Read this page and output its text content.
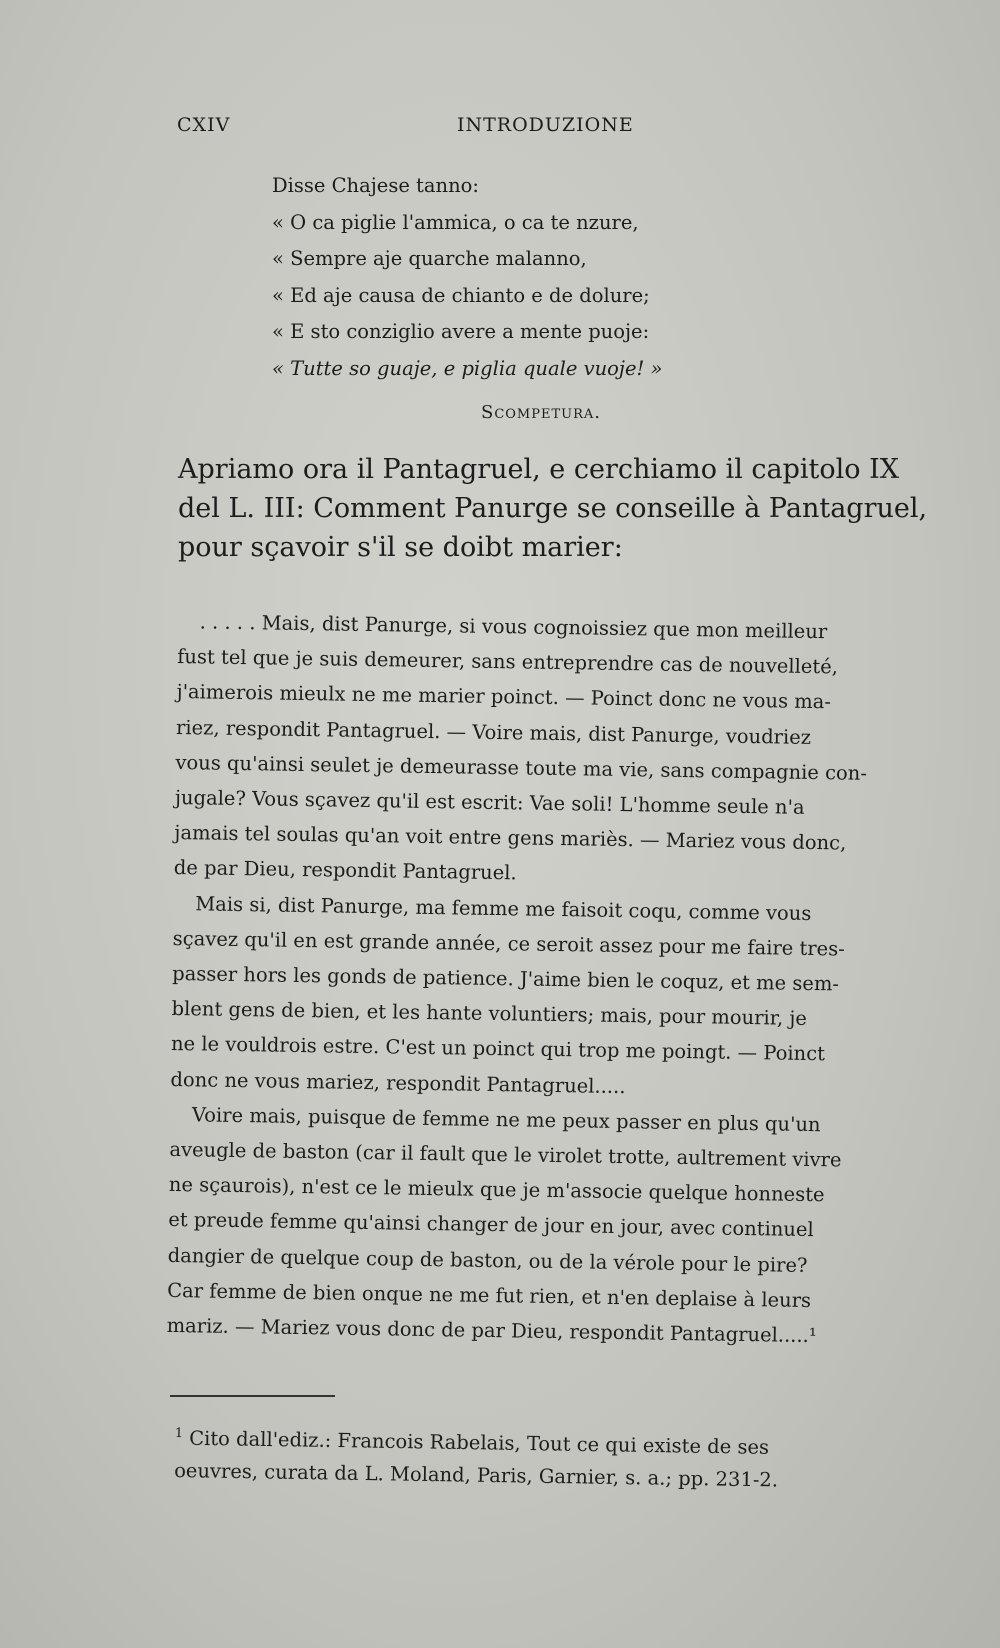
CXIV	INTRODUZIONE
Disse Chajese tanno:
« O ca piglie l'ammica, o ca te nzure,
« Sempre aje quarche malanno,
« Ed aje causa de chianto e de dolure;
« E sto conziglio avere a mente puoje:
« Tutte so guaje, e piglia quale vuoje! »
Scompetura.
Apriamo ora il Pantagruel, e cerchiamo il capitolo IX
del L. III: Comment Panurge se conseille à Pantagruel,
pour sçavoir s'il se doibt marier:
. . . . . Mais, dist Panurge, si vous cognoissiez que mon meilleur
fust tel que je suis demeurer, sans entreprendre cas de nouvelleté,
j'aimerois mieulx ne me marier poinct. — Poinct donc ne vous ma-
riez, respondit Pantagruel. — Voire mais, dist Panurge, voudriez
vous qu'ainsi seulet je demeurasse toute ma vie, sans compagnie con-
jugale? Vous sçavez qu'il est escrit: Vae soli! L'homme seule n'a
jamais tel soulas qu'an voit entre gens mariès. — Mariez vous donc,
de par Dieu, respondit Pantagruel.
Mais si, dist Panurge, ma femme me faisoit coqu, comme vous
sçavez qu'il en est grande année, ce seroit assez pour me faire tres-
passer hors les gonds de patience. J'aime bien le coquz, et me sem-
blent gens de bien, et les hante voluntiers; mais, pour mourir, je
ne le vouldrois estre. C'est un poinct qui trop me poingt. — Poinct
donc ne vous mariez, respondit Pantagruel.....
Voire mais, puisque de femme ne me peux passer en plus qu'un
aveugle de baston (car il fault que le virolet trotte, aultrement vivre
ne sçaurois), n'est ce le mieulx que je m'associe quelque honneste
et preude femme qu'ainsi changer de jour en jour, avec continuel
dangier de quelque coup de baston, ou de la vérole pour le pire?
Car femme de bien onque ne me fut rien, et n'en deplaise à leurs
mariz. — Mariez vous donc de par Dieu, respondit Pantagruel.....¹
$^1$ Cito dall'ediz.: Francois Rabelais, Tout ce qui existe de ses
oeuvres, curata da L. Moland, Paris, Garnier, s. a.; pp. 231-2.
